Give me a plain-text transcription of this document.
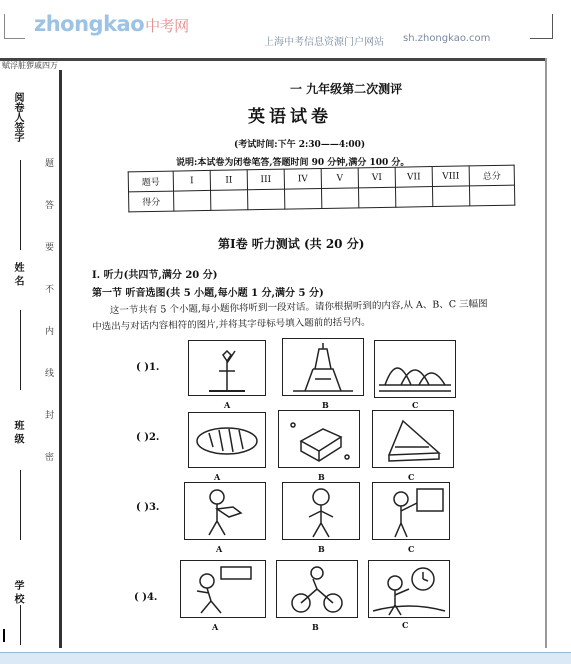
zhongkao中考网
上海中考信息资源门户网站 sh.zhongkao.com
赋浮脏猡戚四万
阅卷人签字
姓 名
班 级
学 校
题
答
要
不
内
线
封
密
一 九年级第二次测评
英语试卷
(考试时间:下午 2:30——4:00)
说明:本试卷为闭卷笔答,答题时间 90 分钟,满分 100 分。
题号	I	II	III	IV	V	VI	VII	VIII	总分
得分									
第I卷 听力测试 (共 20 分)
I. 听力(共四节,满分 20 分)
第一节 听音选图(共 5 小题,每小题 1 分,满分 5 分)
这一节共有 5 个小题,每小题你将听到一段对话。请你根据听到的内容,从 A、B、C 三幅图中选出与对话内容相符的图片,并将其字母标号填入题前的括号内。
( )1.
A	B	C
( )2.
A	B	C
( )3.
A	B	C
( )4.
A	B	C
